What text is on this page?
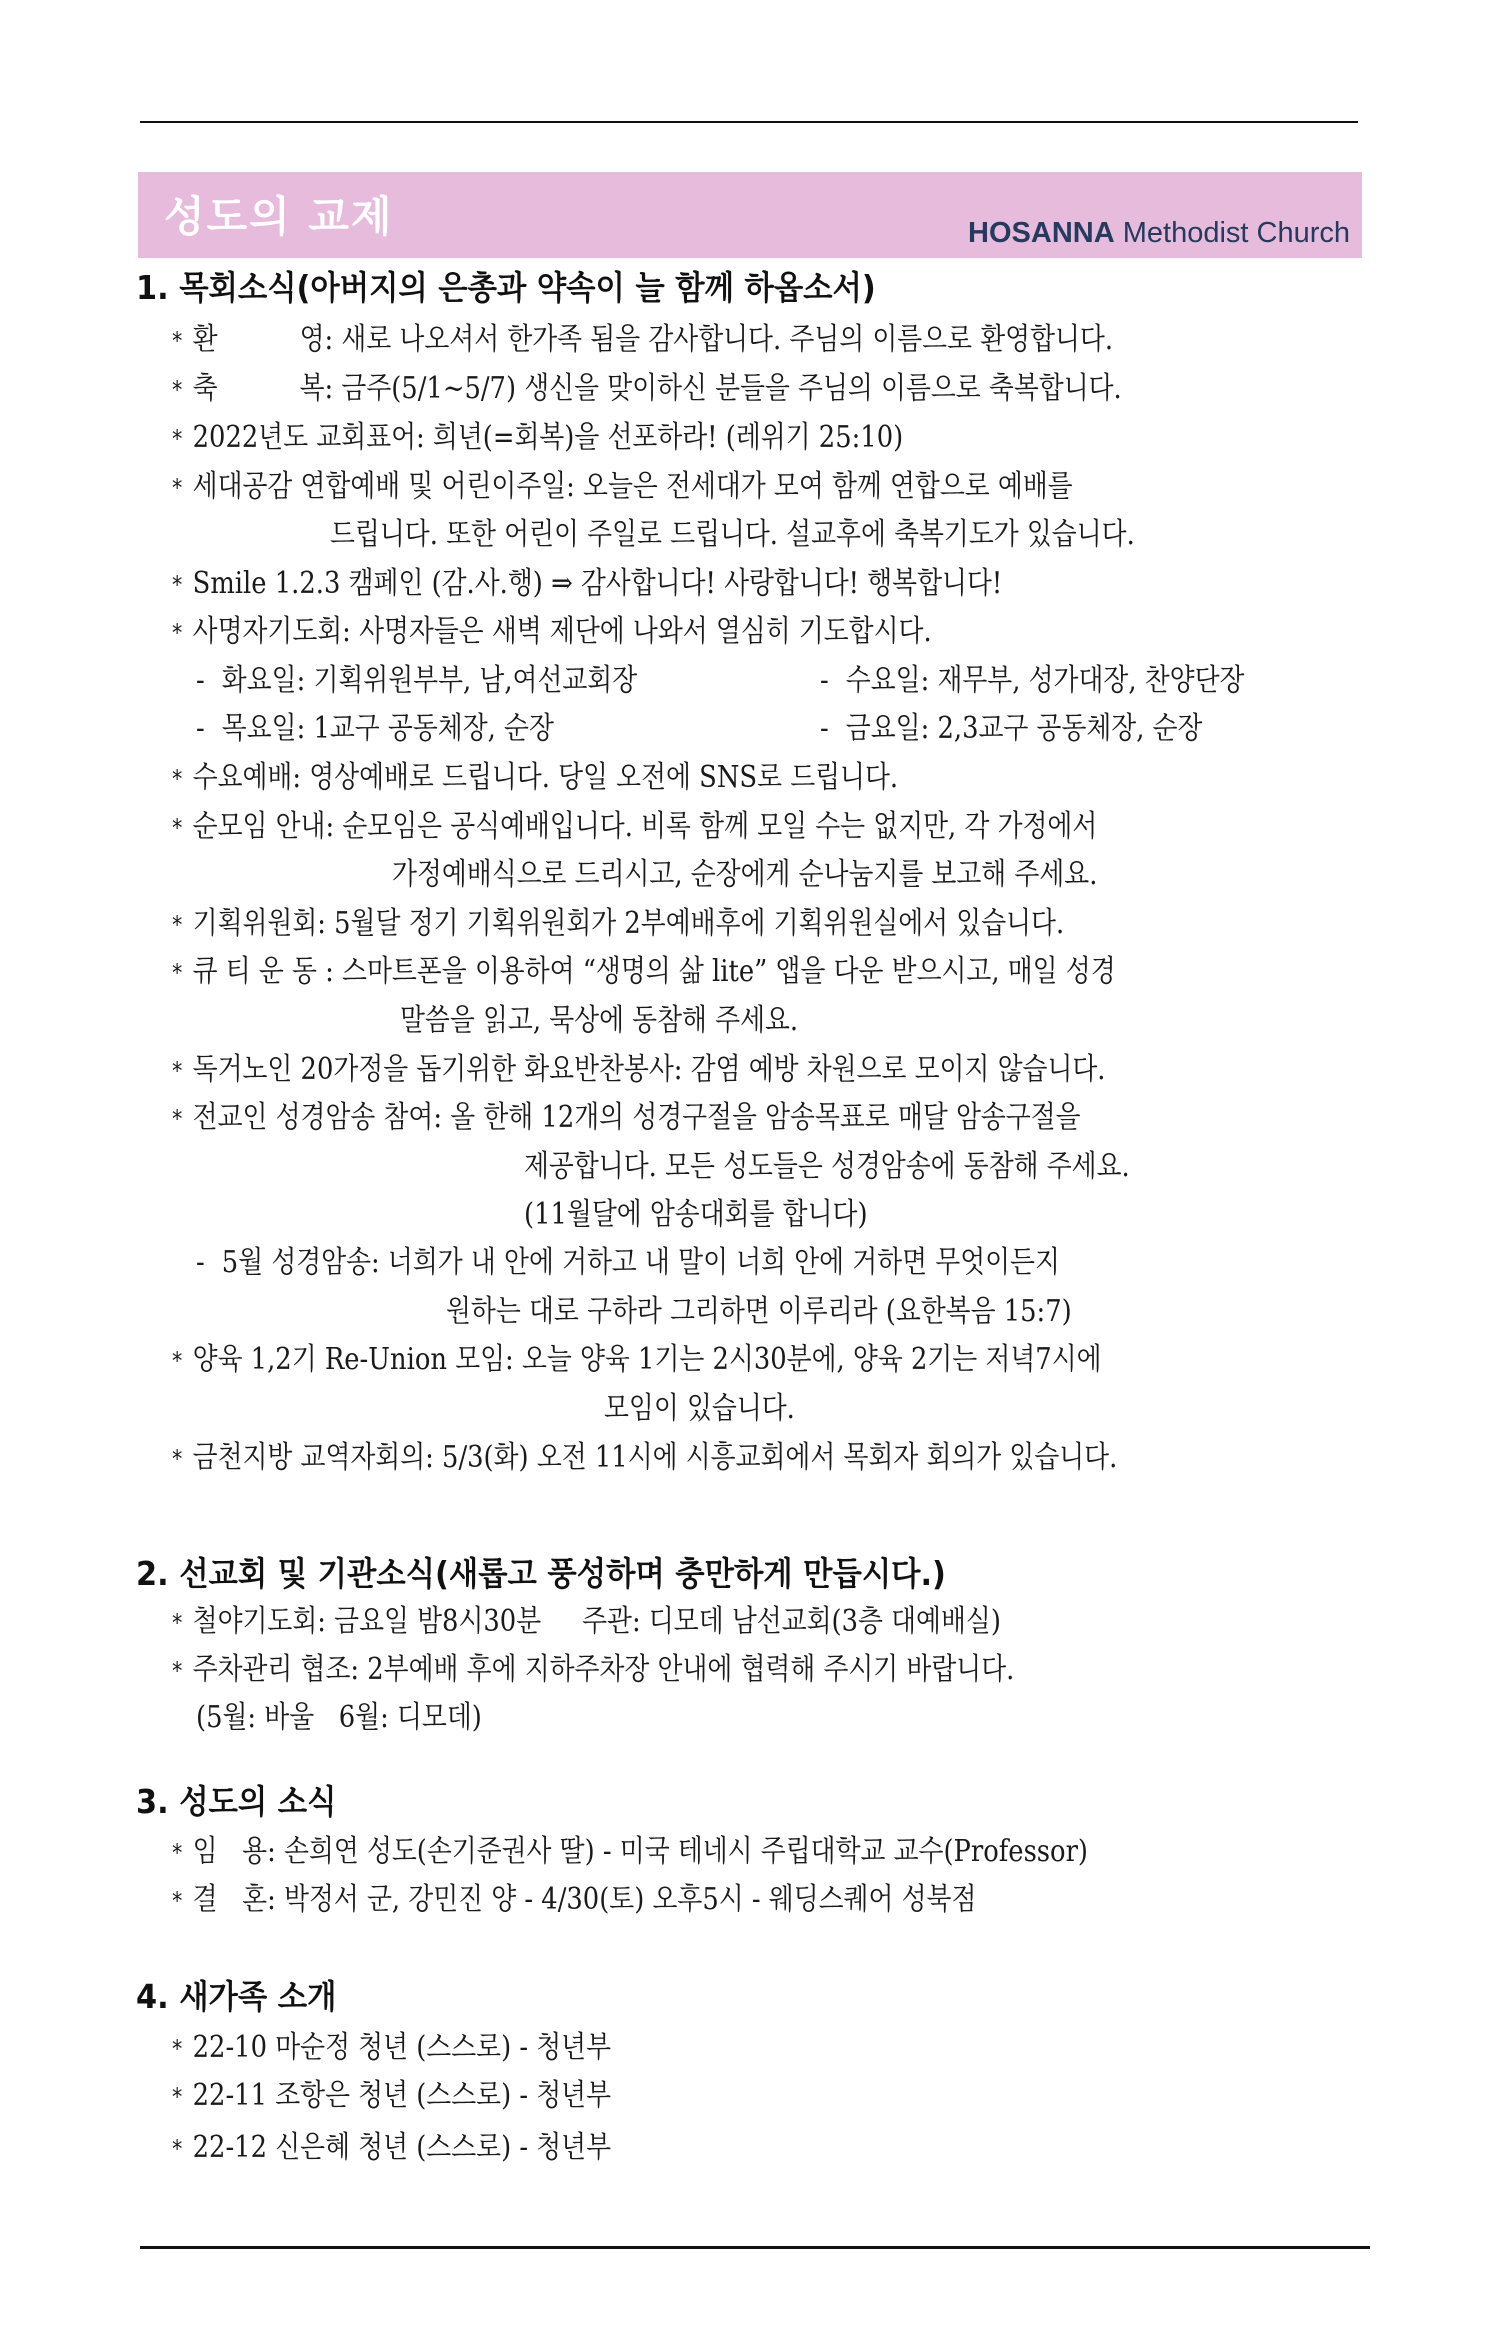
성도의 교제	HOSANNA Methodist Church
1. 목회소식(아버지의 은총과 약속이 늘 함께 하옵소서)
* 환          영: 새로 나오셔서 한가족 됨을 감사합니다. 주님의 이름으로 환영합니다.
* 축          복: 금주(5/1~5/7) 생신을 맞이하신 분들을 주님의 이름으로 축복합니다.
* 2022년도 교회표어: 희년(=회복)을 선포하라! (레위기 25:10)
* 세대공감 연합예배 및 어린이주일: 오늘은 전세대가 모여 함께 연합으로 예배를
드립니다. 또한 어린이 주일로 드립니다. 설교후에 축복기도가 있습니다.
* Smile 1.2.3 캠페인 (감.사.행) ⇒ 감사합니다! 사랑합니다! 행복합니다!
* 사명자기도회: 사명자들은 새벽 제단에 나와서 열심히 기도합시다.
- 화요일: 기획위원부부, 남,여선교회장	- 수요일: 재무부, 성가대장, 찬양단장
- 목요일: 1교구 공동체장, 순장	- 금요일: 2,3교구 공동체장, 순장
* 수요예배: 영상예배로 드립니다. 당일 오전에 SNS로 드립니다.
* 순모임 안내: 순모임은 공식예배입니다. 비록 함께 모일 수는 없지만, 각 가정에서
가정예배식으로 드리시고, 순장에게 순나눔지를 보고해 주세요.
* 기획위원회: 5월달 정기 기획위원회가 2부예배후에 기획위원실에서 있습니다.
* 큐 티 운 동 : 스마트폰을 이용하여 “생명의 삶 lite” 앱을 다운 받으시고, 매일 성경
말씀을 읽고, 묵상에 동참해 주세요.
* 독거노인 20가정을 돕기위한 화요반찬봉사: 감염 예방 차원으로 모이지 않습니다.
* 전교인 성경암송 참여: 올 한해 12개의 성경구절을 암송목표로 매달 암송구절을
제공합니다. 모든 성도들은 성경암송에 동참해 주세요.
(11월달에 암송대회를 합니다)
- 5월 성경암송: 너희가 내 안에 거하고 내 말이 너희 안에 거하면 무엇이든지
원하는 대로 구하라 그리하면 이루리라 (요한복음 15:7)
* 양육 1,2기 Re-Union 모임: 오늘 양육 1기는 2시30분에, 양육 2기는 저녁7시에
모임이 있습니다.
* 금천지방 교역자회의: 5/3(화) 오전 11시에 시흥교회에서 목회자 회의가 있습니다.
2. 선교회 및 기관소식(새롭고 풍성하며 충만하게 만듭시다.)
* 철야기도회: 금요일 밤8시30분     주관: 디모데 남선교회(3층 대예배실)
* 주차관리 협조: 2부예배 후에 지하주차장 안내에 협력해 주시기 바랍니다.
(5월: 바울   6월: 디모데)
3. 성도의 소식
* 임   용: 손희연 성도(손기준권사 딸) - 미국 테네시 주립대학교 교수(Professor)
* 결   혼: 박정서 군, 강민진 양 - 4/30(토) 오후5시 - 웨딩스퀘어 성북점
4. 새가족 소개
* 22-10 마순정 청년 (스스로) - 청년부
* 22-11 조항은 청년 (스스로) - 청년부
* 22-12 신은혜 청년 (스스로) - 청년부
